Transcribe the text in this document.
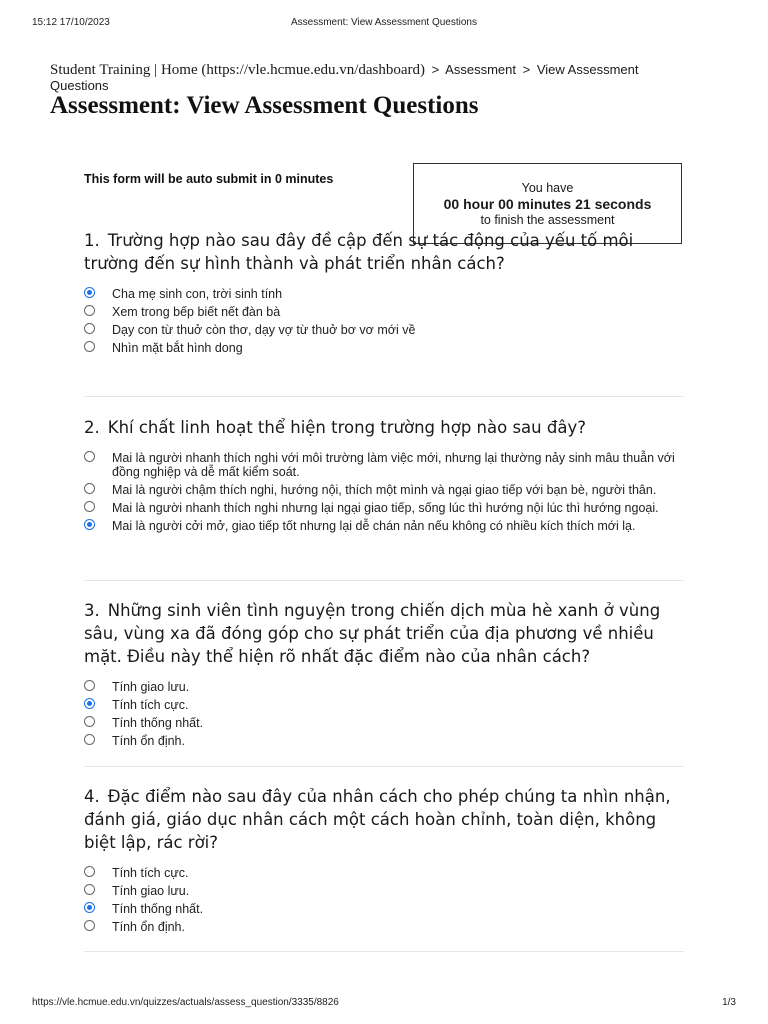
15:12 17/10/2023	Assessment: View Assessment Questions
Student Training | Home (https://vle.hcmue.edu.vn/dashboard) > Assessment > View Assessment Questions
Assessment: View Assessment Questions
This form will be auto submit in 0 minutes
You have
00 hour 00 minutes 21 seconds
to finish the assessment
1. Trường hợp nào sau đây đề cập đến sự tác động của yếu tố môi trường đến sự hình thành và phát triển nhân cách?
Cha mẹ sinh con, trời sinh tính
Xem trong bếp biết nết đàn bà
Dạy con từ thuở còn thơ, dạy vợ từ thuở bơ vơ mới về
Nhìn mặt bắt hình dong
2. Khí chất linh hoạt thể hiện trong trường hợp nào sau đây?
Mai là người nhanh thích nghi với môi trường làm việc mới, nhưng lại thường nảy sinh mâu thuẫn với đồng nghiệp và dễ mất kiểm soát.
Mai là người chậm thích nghi, hướng nội, thích một mình và ngại giao tiếp với bạn bè, người thân.
Mai là người nhanh thích nghi nhưng lại ngại giao tiếp, sống lúc thì hướng nội lúc thì hướng ngoại.
Mai là người cởi mở, giao tiếp tốt nhưng lại dễ chán nản nếu không có nhiều kích thích mới lạ.
3. Những sinh viên tình nguyện trong chiến dịch mùa hè xanh ở vùng sâu, vùng xa đã đóng góp cho sự phát triển của địa phương về nhiều mặt. Điều này thể hiện rõ nhất đặc điểm nào của nhân cách?
Tính giao lưu.
Tính tích cực.
Tính thống nhất.
Tính ổn định.
4. Đặc điểm nào sau đây của nhân cách cho phép chúng ta nhìn nhận, đánh giá, giáo dục nhân cách một cách hoàn chỉnh, toàn diện, không biệt lập, rác rời?
Tính tích cực.
Tính giao lưu.
Tính thống nhất.
Tính ổn định.
https://vle.hcmue.edu.vn/quizzes/actuals/assess_question/3335/8826	1/3
